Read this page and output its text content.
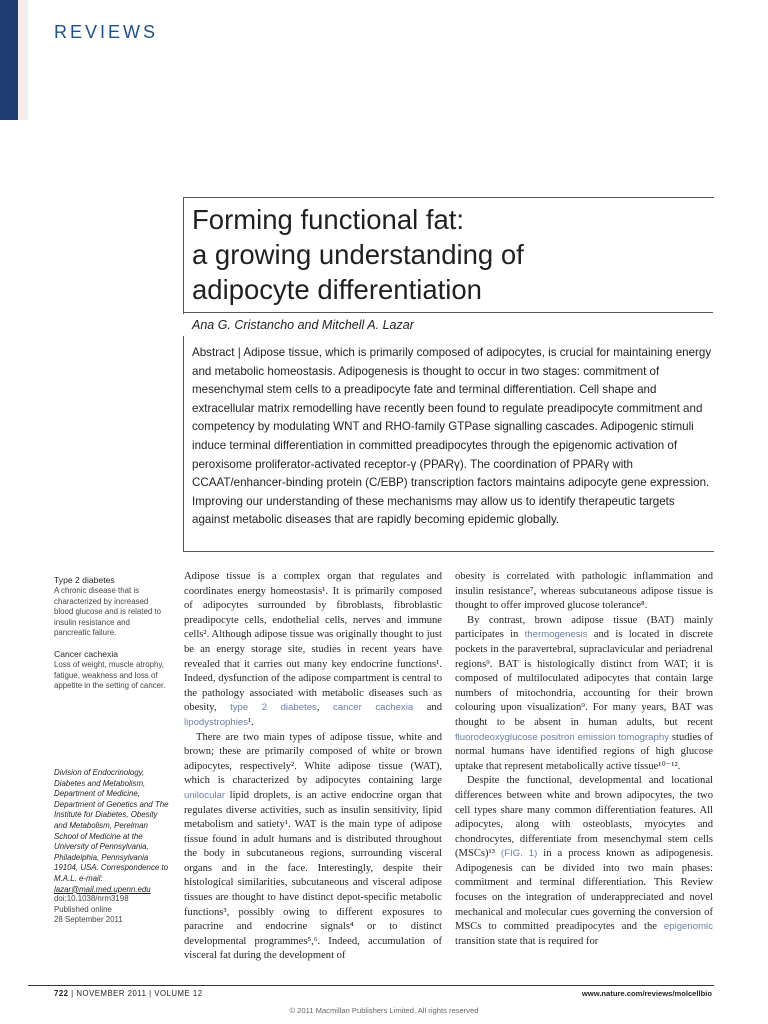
REVIEWS
Forming functional fat:
a growing understanding of
adipocyte differentiation
Ana G. Cristancho and Mitchell A. Lazar

Abstract | Adipose tissue, which is primarily composed of adipocytes, is crucial for maintaining energy and metabolic homeostasis. Adipogenesis is thought to occur in two stages: commitment of mesenchymal stem cells to a preadipocyte fate and terminal differentiation. Cell shape and extracellular matrix remodelling have recently been found to regulate preadipocyte commitment and competency by modulating WNT and RHO-family GTPase signalling cascades. Adipogenic stimuli induce terminal differentiation in committed preadipocytes through the epigenomic activation of peroxisome proliferator-activated receptor-γ (PPARγ). The coordination of PPARγ with CCAAT/enhancer-binding protein (C/EBP) transcription factors maintains adipocyte gene expression. Improving our understanding of these mechanisms may allow us to identify therapeutic targets against metabolic diseases that are rapidly becoming epidemic globally.

Type 2 diabetes

A chronic disease that is characterized by increased blood glucose and is related to insulin resistance and pancreatic failure.

Cancer cachexia

Loss of weight, muscle atrophy, fatigue, weakness and loss of appetite in the setting of cancer.

Division of Endocrinology, Diabetes and Metabolism, Department of Medicine, Department of Genetics and The Institute for Diabetes, Obesity and Metabolism, Perelman School of Medicine at the University of Pennsylvania, Philadelphia, Pennsylvania 19104, USA. Correspondence to M.A.L. e-mail: lazar@mail.med.upenn.edu

doi:10.1038/nrm3198
Published online
28 September 2011

Adipose tissue is a complex organ that regulates and coordinates energy homeostasis¹. It is primarily composed of adipocytes surrounded by fibroblasts, fibroblastic preadipocyte cells, endothelial cells, nerves and immune cells². Although adipose tissue was originally thought to just be an energy storage site, studies in recent years have revealed that it carries out many key endocrine functions¹. Indeed, dysfunction of the adipose compartment is central to the pathology associated with metabolic diseases such as obesity, type 2 diabetes, cancer cachexia and lipodystrophies¹.

There are two main types of adipose tissue, white and brown; these are primarily composed of white or brown adipocytes, respectively². White adipose tissue (WAT), which is characterized by adipocytes containing large unilocular lipid droplets, is an active endocrine organ that regulates diverse activities, such as insulin sensitivity, lipid metabolism and satiety¹. WAT is the main type of adipose tissue found in adult humans and is distributed throughout the body in subcutaneous regions, surrounding visceral organs and in the face. Interestingly, despite their histological similarities, subcutaneous and visceral adipose tissues are thought to have distinct depot-specific metabolic functions³, possibly owing to different exposures to paracrine and endocrine signals⁴ or to distinct developmental programmes⁵,⁶. Indeed, accumulation of visceral fat during the development of

obesity is correlated with pathologic inflammation and insulin resistance⁷, whereas subcutaneous adipose tissue is thought to offer improved glucose tolerance⁸.

By contrast, brown adipose tissue (BAT) mainly participates in thermogenesis and is located in discrete pockets in the paravertebral, supraclavicular and periadrenal regions⁹. BAT is histologically distinct from WAT; it is composed of multiloculated adipocytes that contain large numbers of mitochondria, accounting for their brown colouring upon visualization⁹. For many years, BAT was thought to be absent in human adults, but recent fluorodeoxyglucose positron emission tomography studies of normal humans have identified regions of high glucose uptake that represent metabolically active tissue¹⁰⁻¹².

Despite the functional, developmental and locational differences between white and brown adipocytes, the two cell types share many common differentiation features. All adipocytes, along with osteoblasts, myocytes and chondrocytes, differentiate from mesenchymal stem cells (MSCs)¹³ (FIG. 1) in a process known as adipogenesis. Adipogenesis can be divided into two main phases: commitment and terminal differentiation. This Review focuses on the integration of underappreciated and novel mechanical and molecular cues governing the conversion of MSCs to committed preadipocytes and the epigenomic transition state that is required for

722 | NOVEMBER 2011 | VOLUME 12	www.nature.com/reviews/molcellbio
© 2011 Macmillan Publishers Limited. All rights reserved
